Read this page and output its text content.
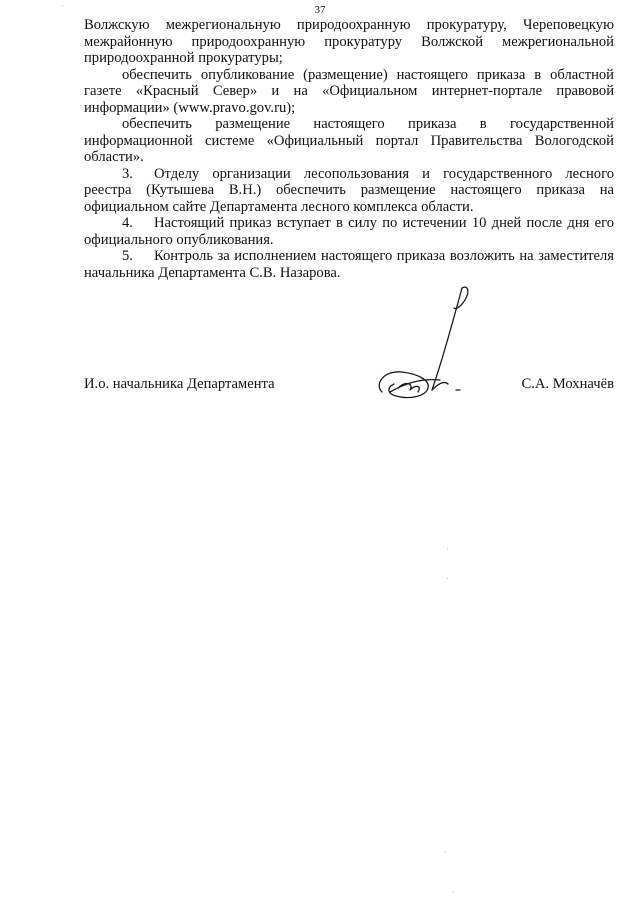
37

Волжскую межрегиональную природоохранную прокуратуру, Череповецкую межрайонную природоохранную прокуратуру Волжской межрегиональной природоохранной прокуратуры;

обеспечить опубликование (размещение) настоящего приказа в областной газете «Красный Север» и на «Официальном интернет-портале правовой информации» (www.pravo.gov.ru);

обеспечить размещение настоящего приказа в государственной информационной системе «Официальный портал Правительства Вологодской области».

3. Отделу организации лесопользования и государственного лесного реестра (Кутышева В.Н.) обеспечить размещение настоящего приказа на официальном сайте Департамента лесного комплекса области.

4. Настоящий приказ вступает в силу по истечении 10 дней после дня его официального опубликования.

5. Контроль за исполнением настоящего приказа возложить на заместителя начальника Департамента С.В. Назарова.

И.о. начальника Департамента	С.А. Мохначёв
